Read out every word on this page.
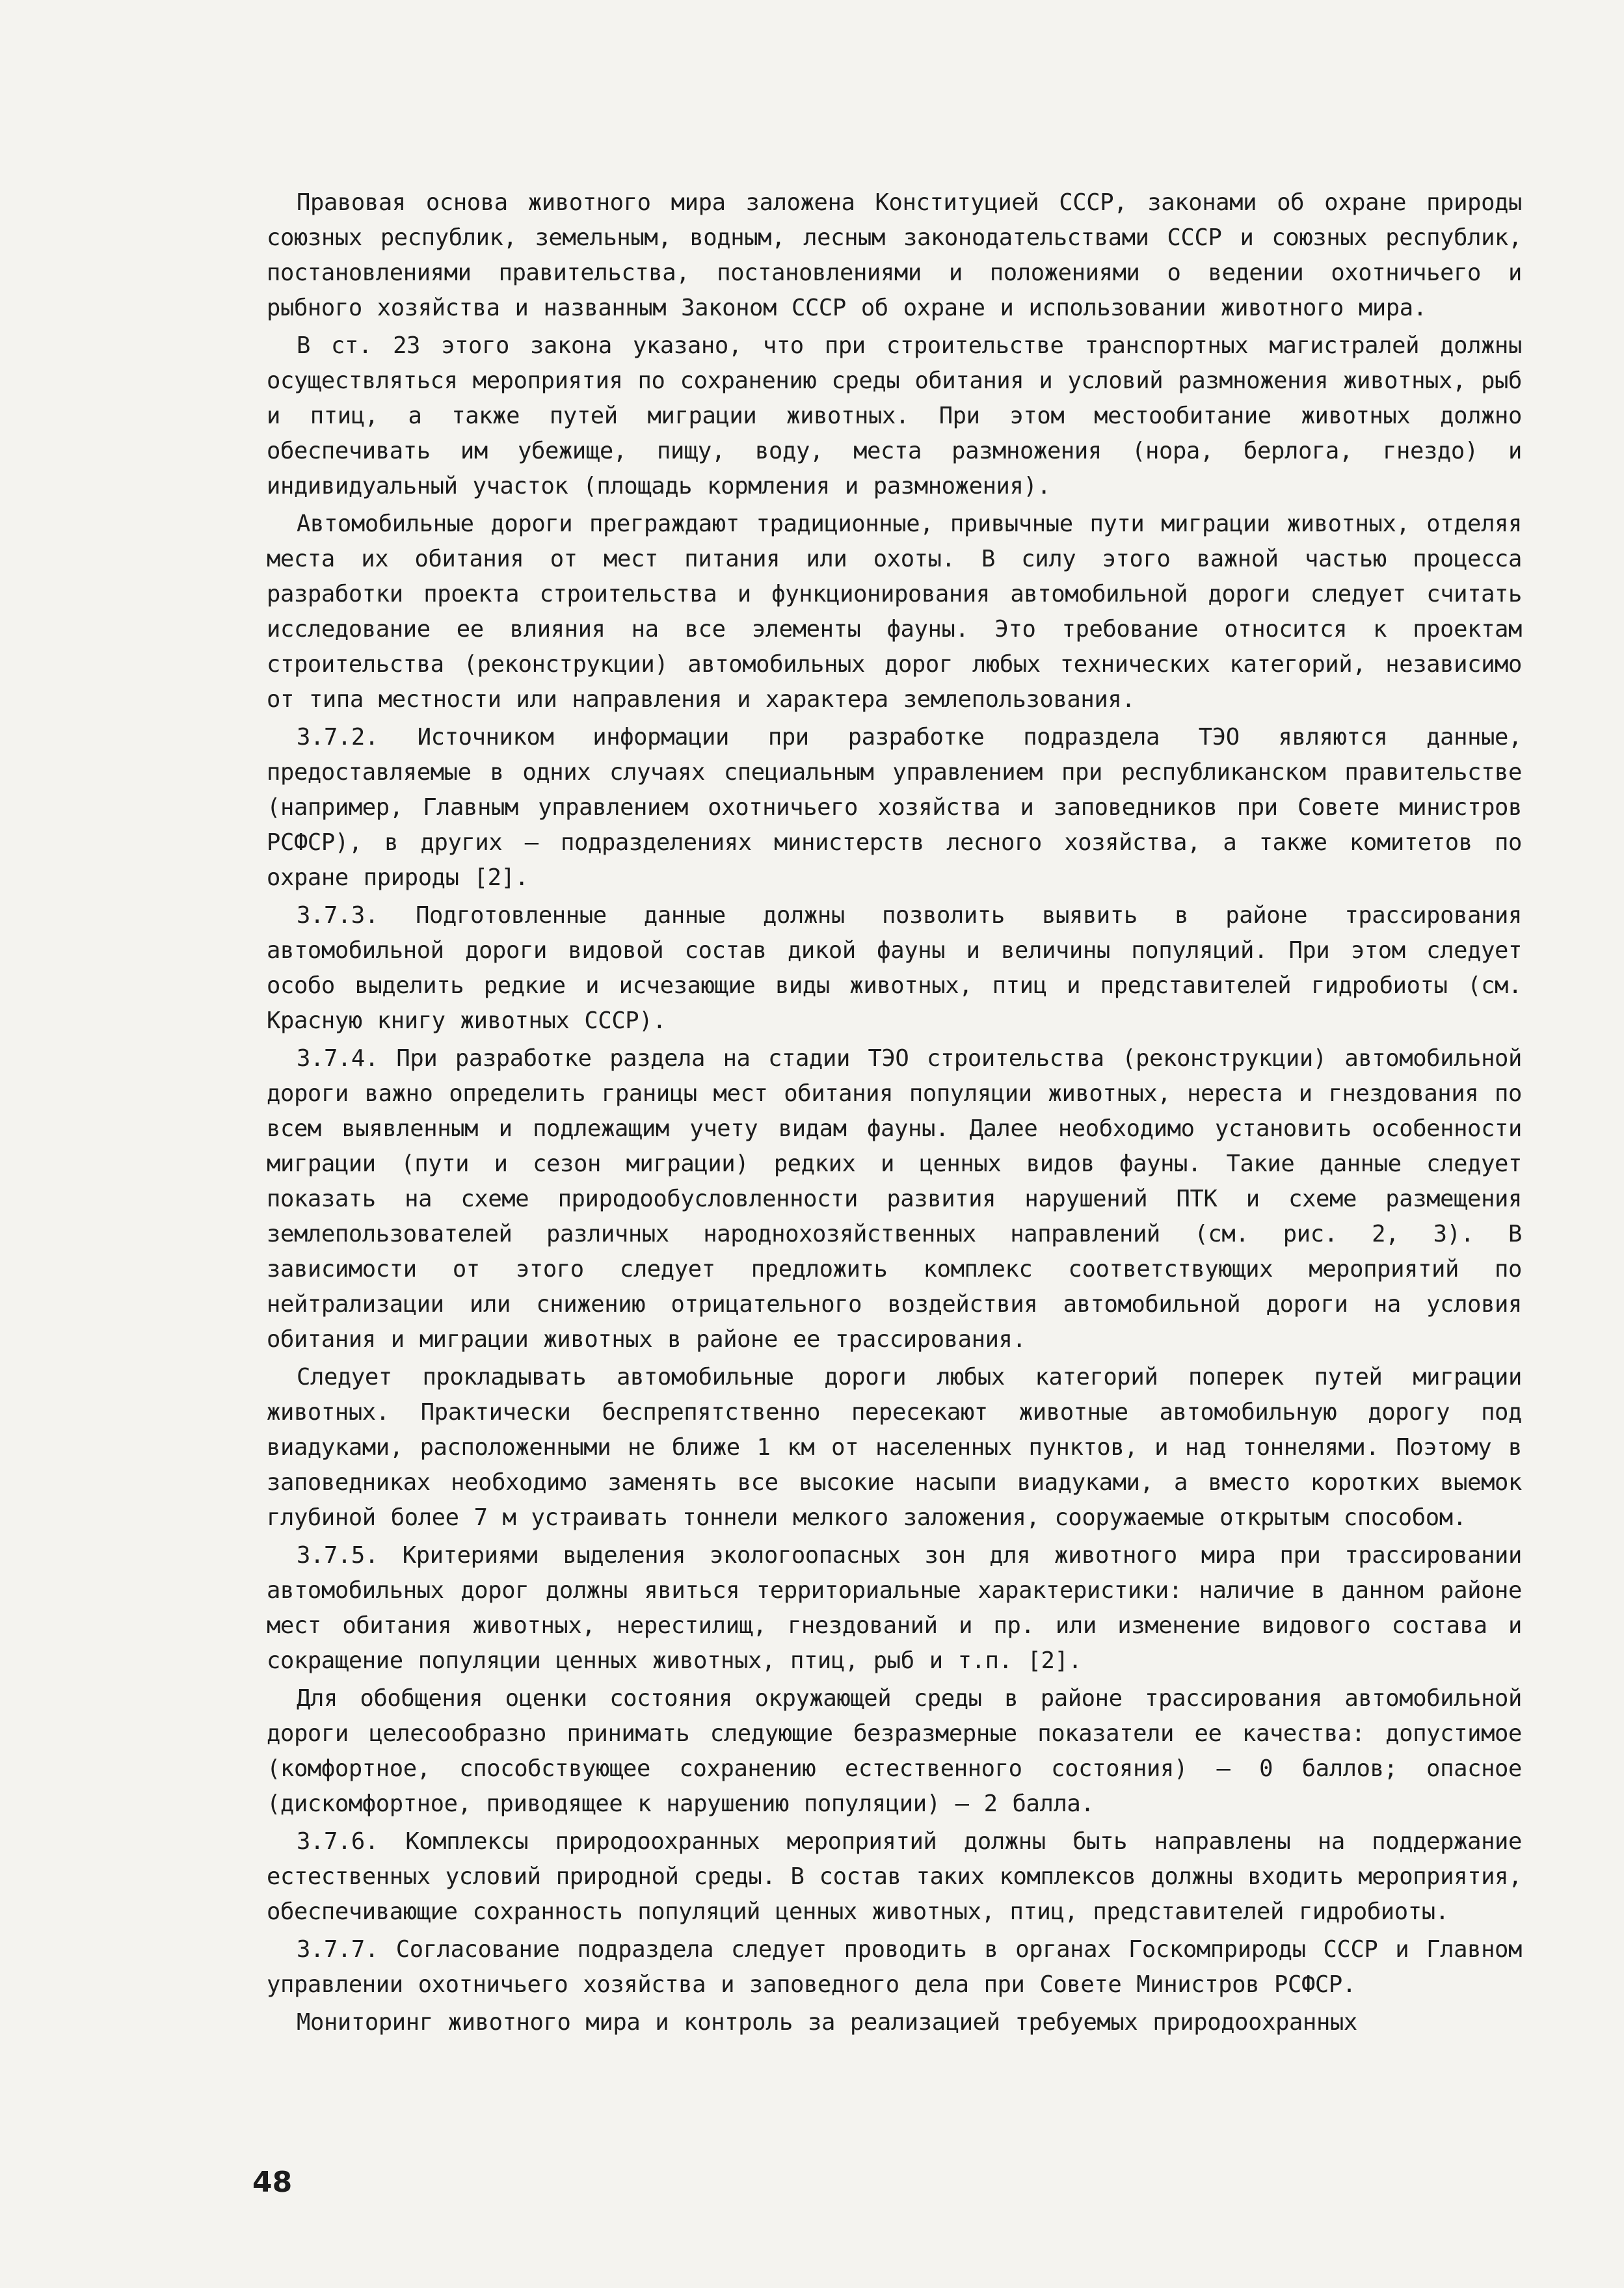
Правовая основа животного мира заложена Конституцией СССР, законами об охране природы союзных республик, земельным, водным, лесным законодательствами СССР и союзных республик, постановлениями правительства, постановлениями и положениями о ведении охотничьего и рыбного хозяйства и названным Законом СССР об охране и использовании животного мира.

В ст. 23 этого закона указано, что при строительстве транспортных магистралей должны осуществляться мероприятия по сохранению среды обитания и условий размножения животных, рыб и птиц, а также путей миграции животных. При этом местообитание животных должно обеспечивать им убежище, пищу, воду, места размножения (нора, берлога, гнездо) и индивидуальный участок (площадь кормления и размножения).

Автомобильные дороги преграждают традиционные, привычные пути миграции животных, отделяя места их обитания от мест питания или охоты. В силу этого важной частью процесса разработки проекта строительства и функционирования автомобильной дороги следует считать исследование ее влияния на все элементы фауны. Это требование относится к проектам строительства (реконструкции) автомобильных дорог любых технических категорий, независимо от типа местности или направления и характера землепользования.

3.7.2. Источником информации при разработке подраздела ТЭО являются данные, предоставляемые в одних случаях специальным управлением при республиканском правительстве (например, Главным управлением охотничьего хозяйства и заповедников при Совете министров РСФСР), в других – подразделениях министерств лесного хозяйства, а также комитетов по охране природы [2].

3.7.3. Подготовленные данные должны позволить выявить в районе трассирования автомобильной дороги видовой состав дикой фауны и величины популяций. При этом следует особо выделить редкие и исчезающие виды животных, птиц и представителей гидробиоты (см. Красную книгу животных СССР).

3.7.4. При разработке раздела на стадии ТЭО строительства (реконструкции) автомобильной дороги важно определить границы мест обитания популяции животных, нереста и гнездования по всем выявленным и подлежащим учету видам фауны. Далее необходимо установить особенности миграции (пути и сезон миграции) редких и ценных видов фауны. Такие данные следует показать на схеме природообусловленности развития нарушений ПТК и схеме размещения землепользователей различных народнохозяйственных направлений (см. рис. 2, 3). В зависимости от этого следует предложить комплекс соответствующих мероприятий по нейтрализации или снижению отрицательного воздействия автомобильной дороги на условия обитания и миграции животных в районе ее трассирования.

Следует прокладывать автомобильные дороги любых категорий поперек путей миграции животных. Практически беспрепятственно пересекают животные автомобильную дорогу под виадуками, расположенными не ближе 1 км от населенных пунктов, и над тоннелями. Поэтому в заповедниках необходимо заменять все высокие насыпи виадуками, а вместо коротких выемок глубиной более 7 м устраивать тоннели мелкого заложения, сооружаемые открытым способом.

3.7.5. Критериями выделения экологоопасных зон для животного мира при трассировании автомобильных дорог должны явиться территориальные характеристики: наличие в данном районе мест обитания животных, нерестилищ, гнездований и пр. или изменение видового состава и сокращение популяции ценных животных, птиц, рыб и т.п. [2].

Для обобщения оценки состояния окружающей среды в районе трассирования автомобильной дороги целесообразно принимать следующие безразмерные показатели ее качества: допустимое (комфортное, способствующее сохранению естественного состояния) – 0 баллов; опасное (дискомфортное, приводящее к нарушению популяции) – 2 балла.

3.7.6. Комплексы природоохранных мероприятий должны быть направлены на поддержание естественных условий природной среды. В состав таких комплексов должны входить мероприятия, обеспечивающие сохранность популяций ценных животных, птиц, представителей гидробиоты.

3.7.7. Согласование подраздела следует проводить в органах Госкомприроды СССР и Главном управлении охотничьего хозяйства и заповедного дела при Совете Министров РСФСР.

Мониторинг животного мира и контроль за реализацией требуемых природоохранных

48
